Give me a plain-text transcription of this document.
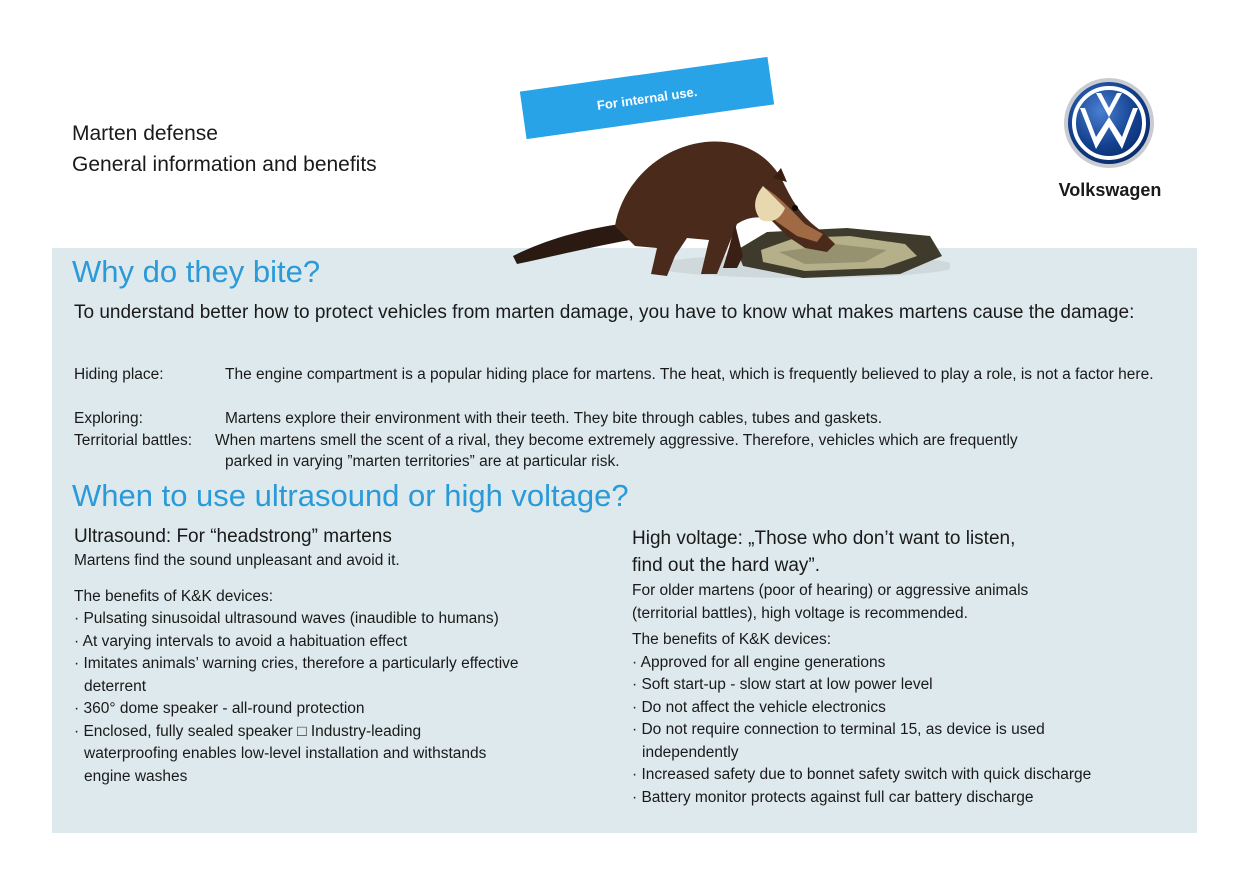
Marten defense
General information and benefits
For internal use.
Volkswagen
Why do they bite?
To understand better how to protect vehicles from marten damage, you have to know what makes martens cause the damage:
Hiding place:	The engine compartment is a popular hiding place for martens. The heat, which is frequently believed to play a role, is not a factor here.
Exploring:	Martens explore their environment with their teeth. They bite through cables, tubes and gaskets.
Territorial battles: When martens smell the scent of a rival, they become extremely aggressive. Therefore, vehicles which are frequently
parked in varying ”marten territories” are at particular risk.
When to use ultrasound or high voltage?
Ultrasound: For “headstrong” martens
Martens find the sound unpleasant and avoid it.
The benefits of K&K devices:
· Pulsating sinusoidal ultrasound waves (inaudible to humans)
· At varying intervals to avoid a habituation effect
· Imitates animals’ warning cries, therefore a particularly effective deterrent
· 360° dome speaker - all-round protection
· Enclosed, fully sealed speaker □ Industry-leading waterproofing enables low-level installation and withstands engine washes
High voltage: „Those who don’t want to listen,
find out the hard way”.
For older martens (poor of hearing) or aggressive animals (territorial battles), high voltage is recommended.
The benefits of K&K devices:
· Approved for all engine generations
· Soft start-up - slow start at low power level
· Do not affect the vehicle electronics
· Do not require connection to terminal 15, as device is used independently
· Increased safety due to bonnet safety switch with quick discharge
· Battery monitor protects against full car battery discharge
